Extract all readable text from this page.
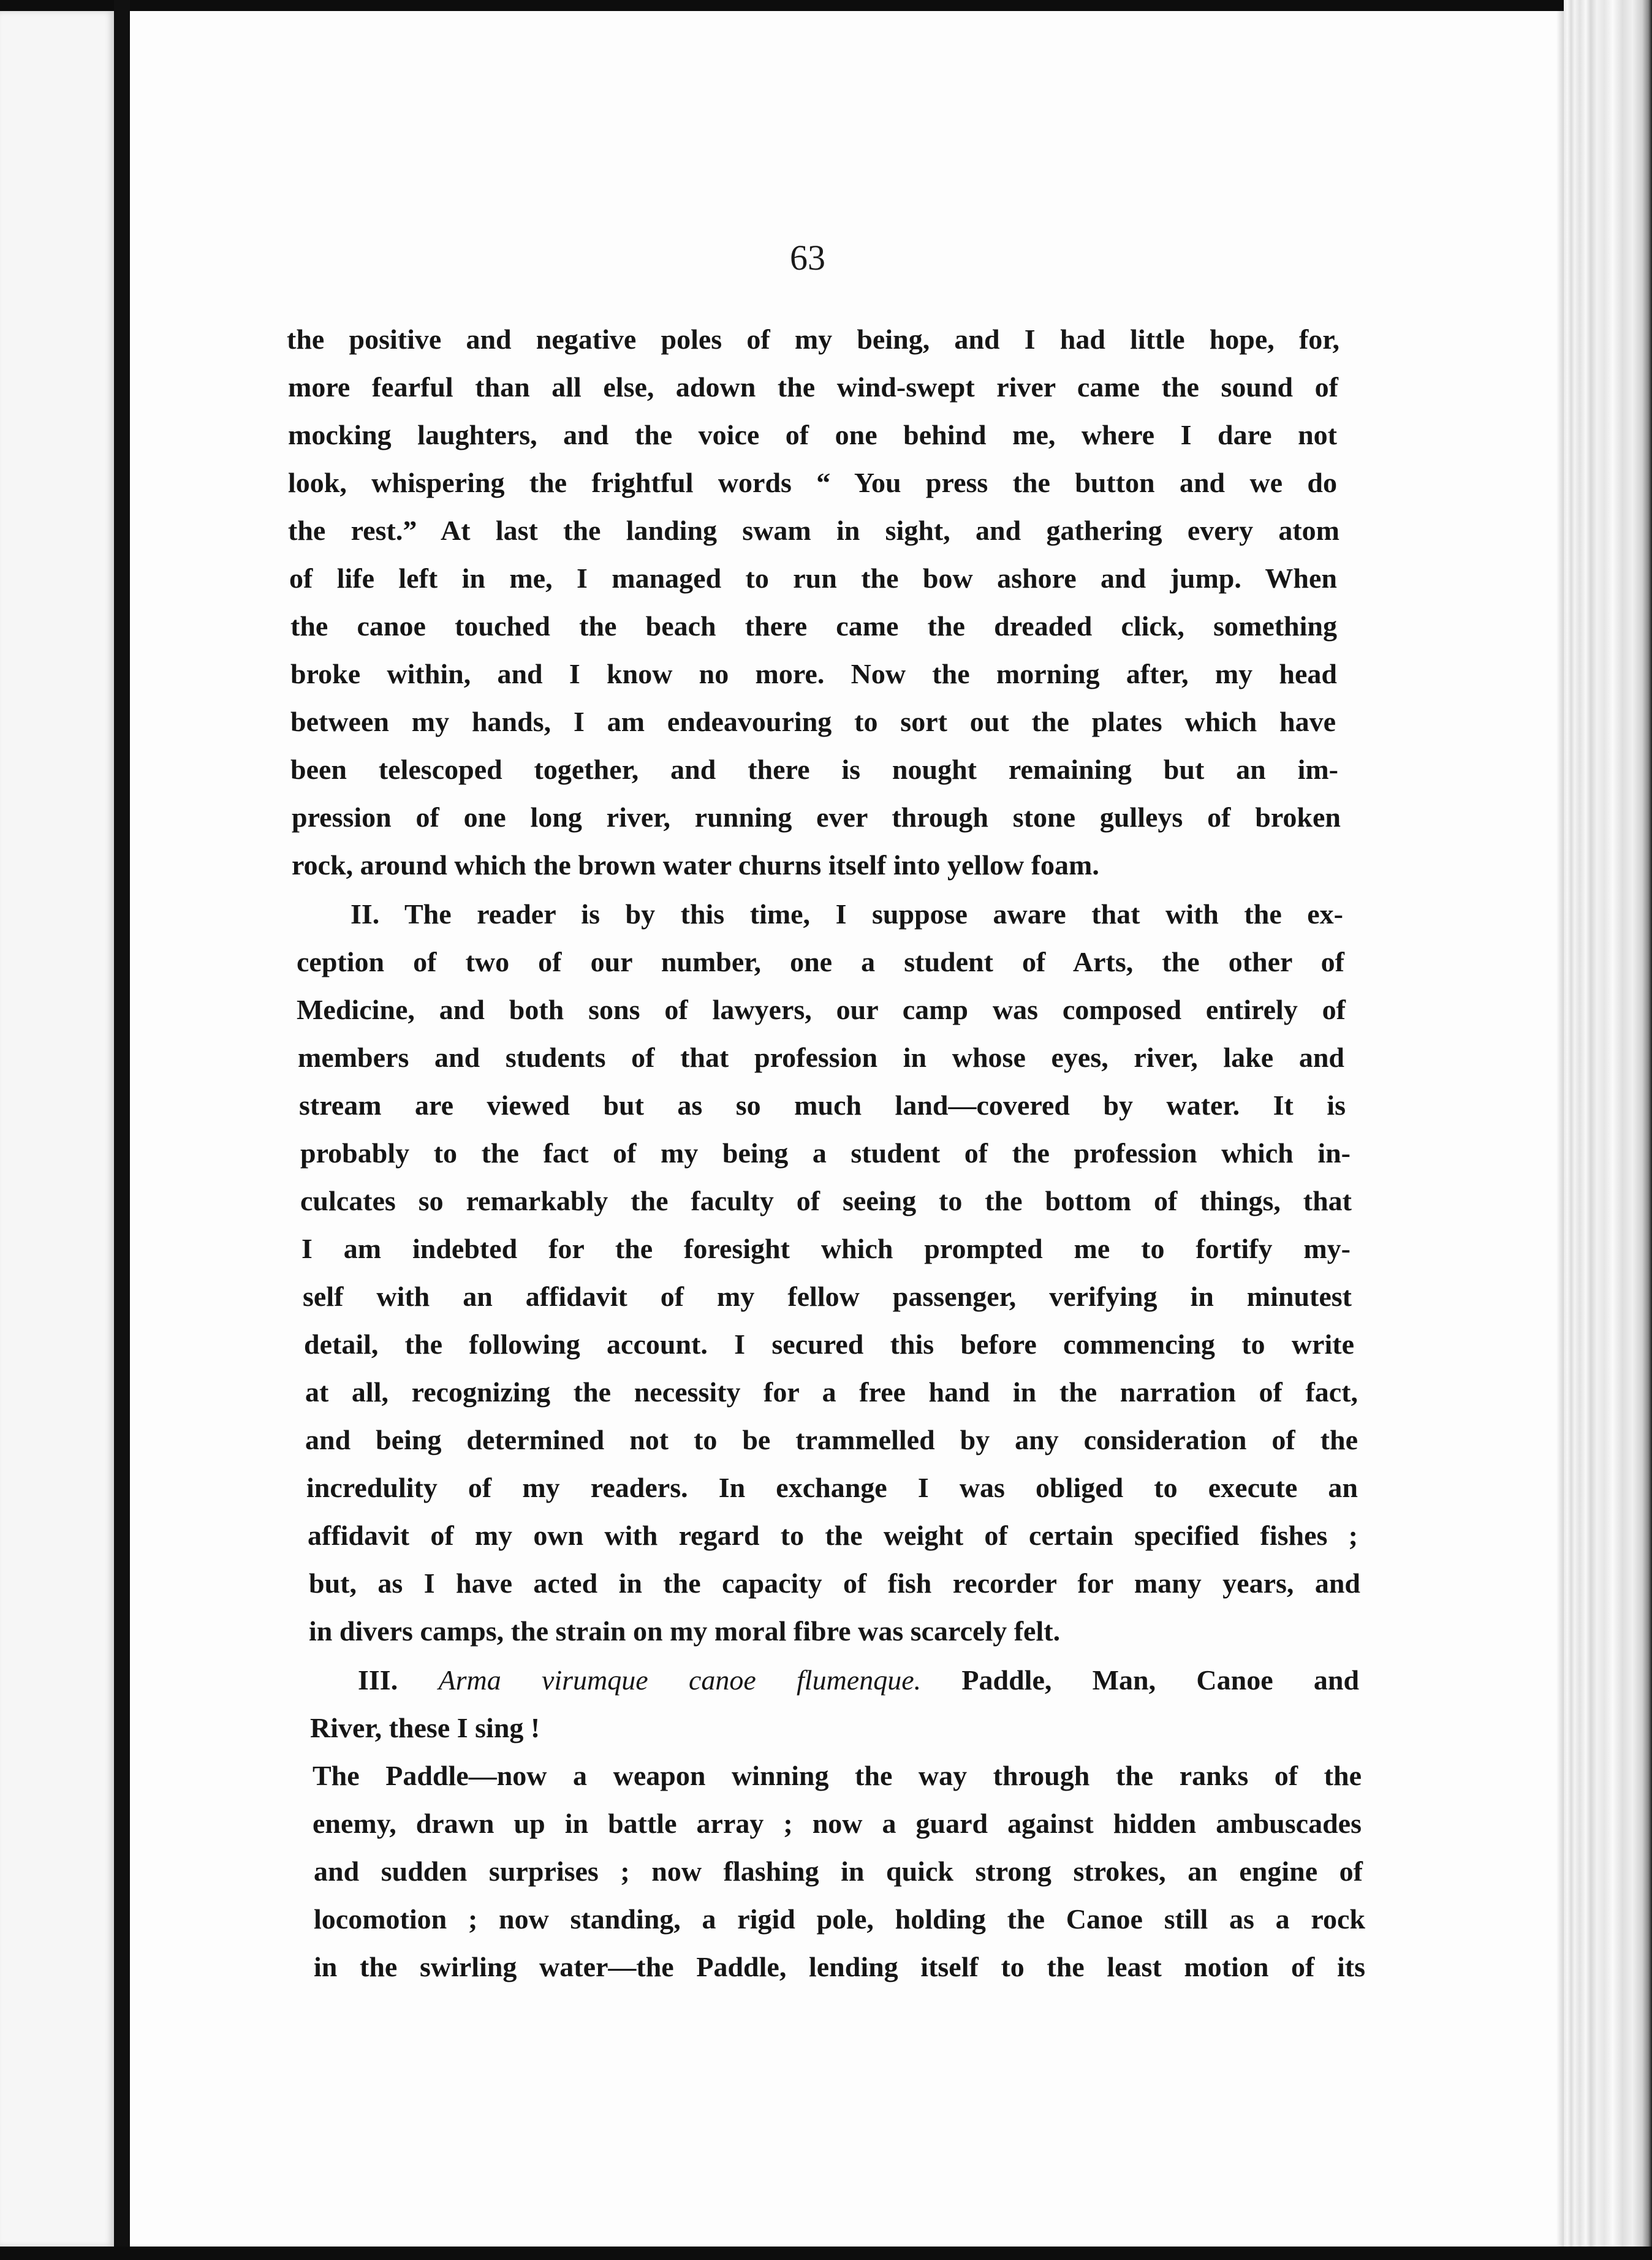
63
the positive and negative poles of my being, and I had little hope, for,
more fearful than all else, adown the wind-swept river came the sound of
mocking laughters, and the voice of one behind me, where I dare not
look, whispering the frightful words “ You press the button and we do
the rest.” At last the landing swam in sight, and gathering every atom
of life left in me, I managed to run the bow ashore and jump. When
the canoe touched the beach there came the dreaded click, something
broke within, and I know no more. Now the morning after, my head
between my hands, I am endeavouring to sort out the plates which have
been telescoped together, and there is nought remaining but an im-
pression of one long river, running ever through stone gulleys of broken
rock, around which the brown water churns itself into yellow foam.
II. The reader is by this time, I suppose aware that with the ex-
ception of two of our number, one a student of Arts, the other of
Medicine, and both sons of lawyers, our camp was composed entirely of
members and students of that profession in whose eyes, river, lake and
stream are viewed but as so much land—covered by water. It is
probably to the fact of my being a student of the profession which in-
culcates so remarkably the faculty of seeing to the bottom of things, that
I am indebted for the foresight which prompted me to fortify my-
self with an affidavit of my fellow passenger, verifying in minutest
detail, the following account. I secured this before commencing to write
at all, recognizing the necessity for a free hand in the narration of fact,
and being determined not to be trammelled by any consideration of the
incredulity of my readers. In exchange I was obliged to execute an
affidavit of my own with regard to the weight of certain specified fishes ;
but, as I have acted in the capacity of fish recorder for many years, and
in divers camps, the strain on my moral fibre was scarcely felt.
III. Arma virumque canoe flumenque. Paddle, Man, Canoe and
River, these I sing !
The Paddle—now a weapon winning the way through the ranks of the
enemy, drawn up in battle array ; now a guard against hidden ambuscades
and sudden surprises ; now flashing in quick strong strokes, an engine of
locomotion ; now standing, a rigid pole, holding the Canoe still as a rock
in the swirling water—the Paddle, lending itself to the least motion of its
